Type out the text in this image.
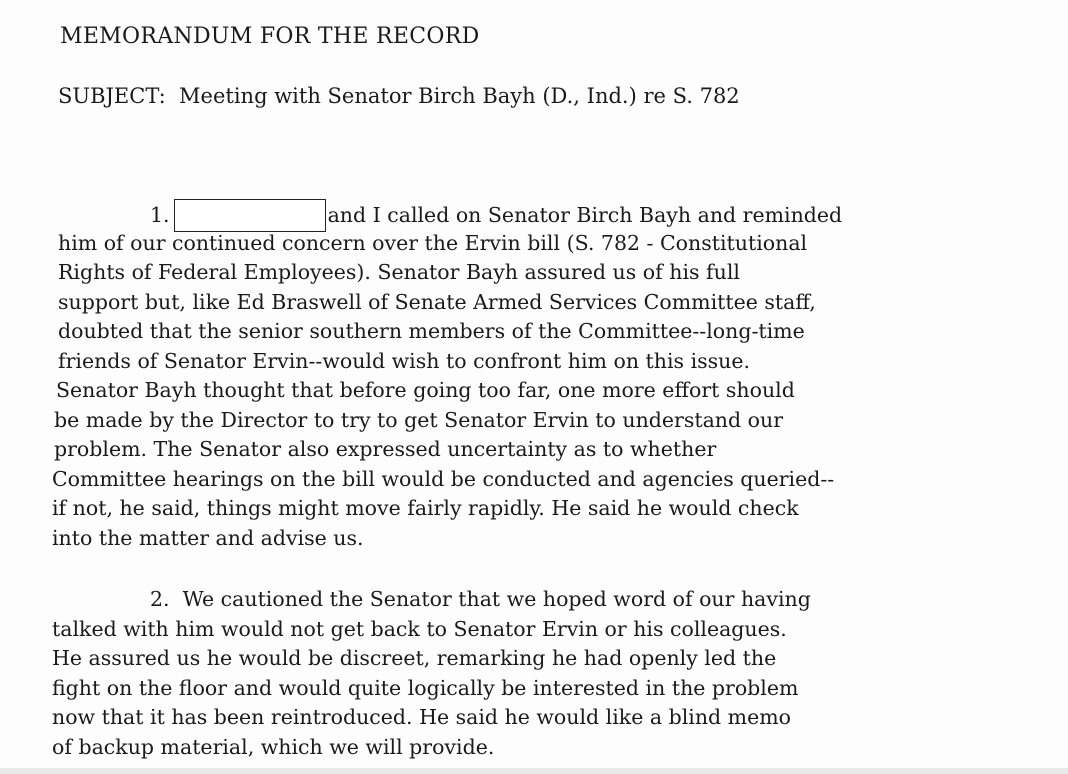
MEMORANDUM FOR THE RECORD
SUBJECT: Meeting with Senator Birch Bayh (D., Ind.) re S. 782
1.	and I called on Senator Birch Bayh and reminded
him of our continued concern over the Ervin bill (S. 782 - Constitutional
Rights of Federal Employees). Senator Bayh assured us of his full
support but, like Ed Braswell of Senate Armed Services Committee staff,
doubted that the senior southern members of the Committee--long-time
friends of Senator Ervin--would wish to confront him on this issue.
Senator Bayh thought that before going too far, one more effort should
be made by the Director to try to get Senator Ervin to understand our
problem. The Senator also expressed uncertainty as to whether
Committee hearings on the bill would be conducted and agencies queried--
if not, he said, things might move fairly rapidly. He said he would check
into the matter and advise us.
2. We cautioned the Senator that we hoped word of our having
talked with him would not get back to Senator Ervin or his colleagues.
He assured us he would be discreet, remarking he had openly led the
fight on the floor and would quite logically be interested in the problem
now that it has been reintroduced. He said he would like a blind memo
of backup material, which we will provide.
